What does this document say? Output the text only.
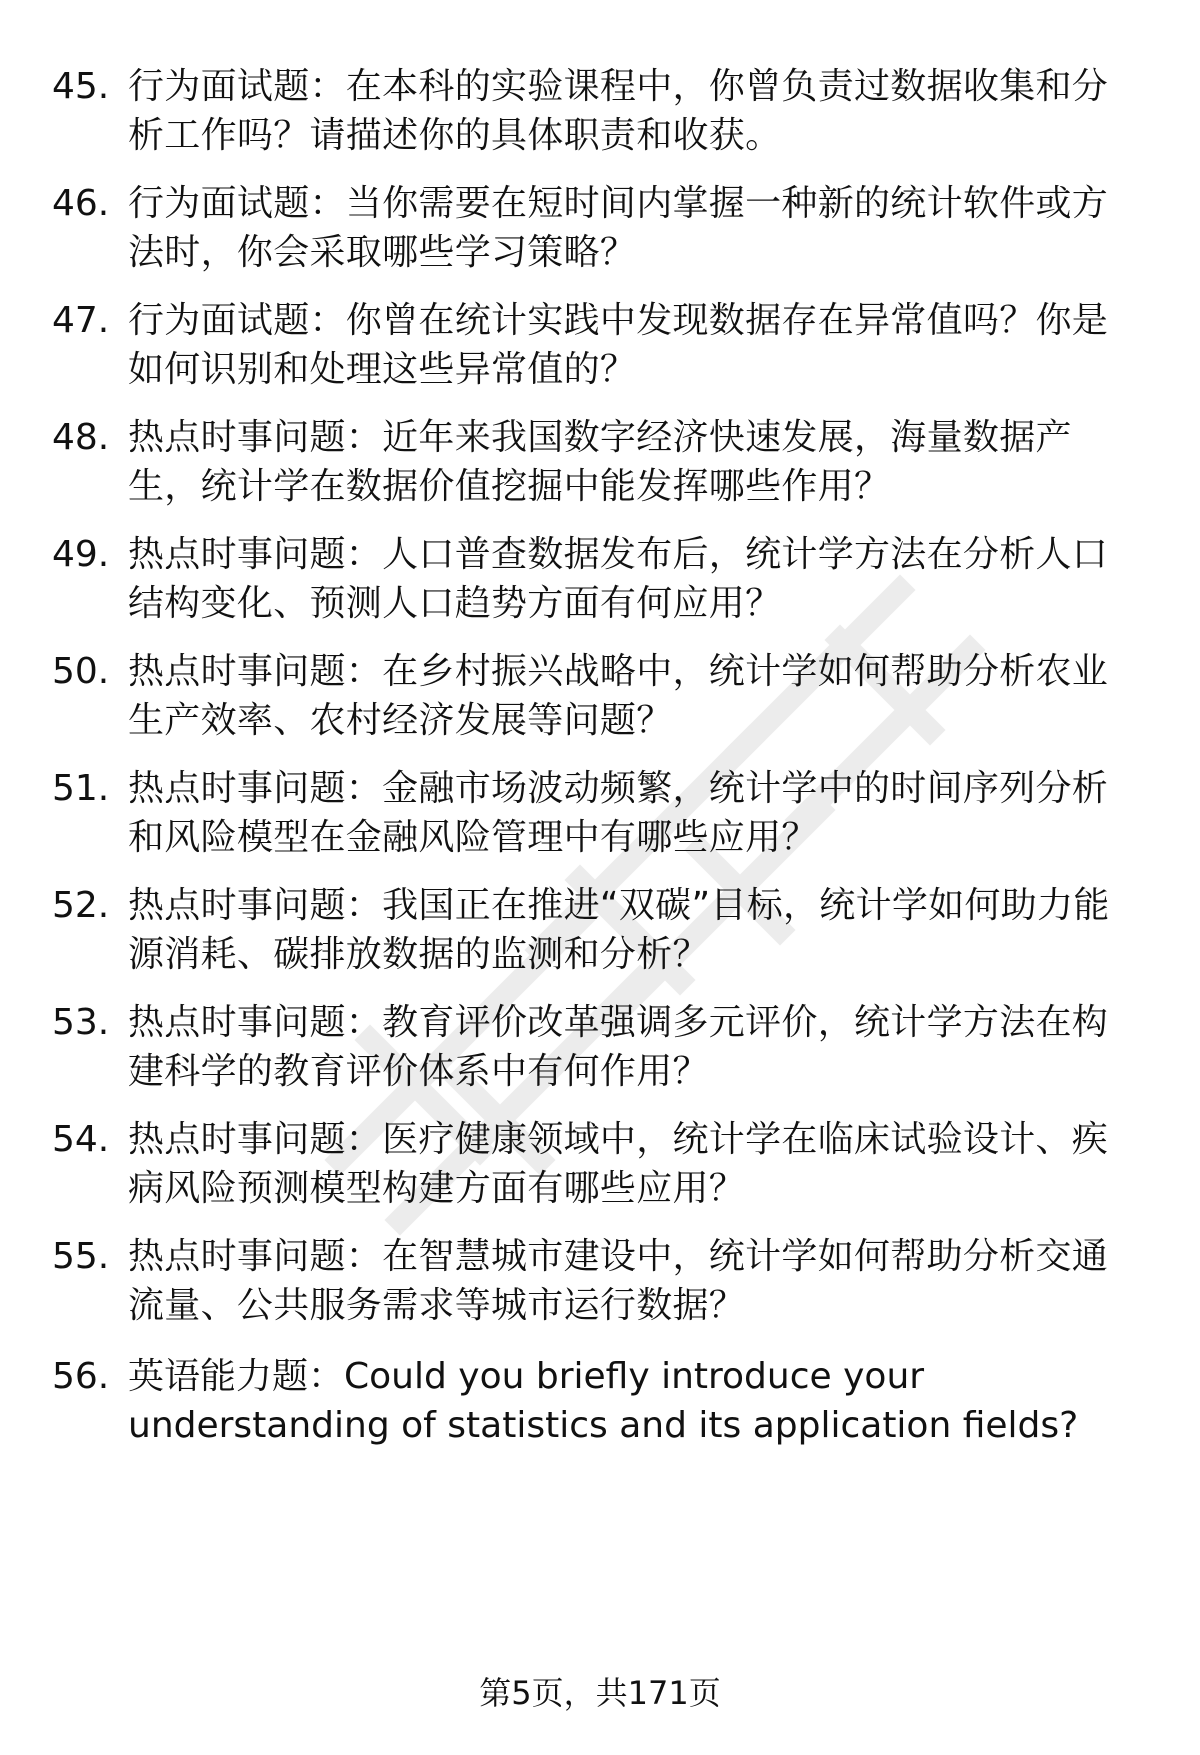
45. 行为面试题：在本科的实验课程中，你曾负责过数据收集和分析工作吗？请描述你的具体职责和收获。
46. 行为面试题：当你需要在短时间内掌握一种新的统计软件或方法时，你会采取哪些学习策略？
47. 行为面试题：你曾在统计实践中发现数据存在异常值吗？你是如何识别和处理这些异常值的？
48. 热点时事问题：近年来我国数字经济快速发展，海量数据产生，统计学在数据价值挖掘中能发挥哪些作用？
49. 热点时事问题：人口普查数据发布后，统计学方法在分析人口结构变化、预测人口趋势方面有何应用？
50. 热点时事问题：在乡村振兴战略中，统计学如何帮助分析农业生产效率、农村经济发展等问题？
51. 热点时事问题：金融市场波动频繁，统计学中的时间序列分析和风险模型在金融风险管理中有哪些应用？
52. 热点时事问题：我国正在推进“双碳”目标，统计学如何助力能源消耗、碳排放数据的监测和分析？
53. 热点时事问题：教育评价改革强调多元评价，统计学方法在构建科学的教育评价体系中有何作用？
54. 热点时事问题：医疗健康领域中，统计学在临床试验设计、疾病风险预测模型构建方面有哪些应用？
55. 热点时事问题：在智慧城市建设中，统计学如何帮助分析交通流量、公共服务需求等城市运行数据？
56. 英语能力题：Could you briefly introduce your understanding of statistics and its application fields?
第5页，共171页
